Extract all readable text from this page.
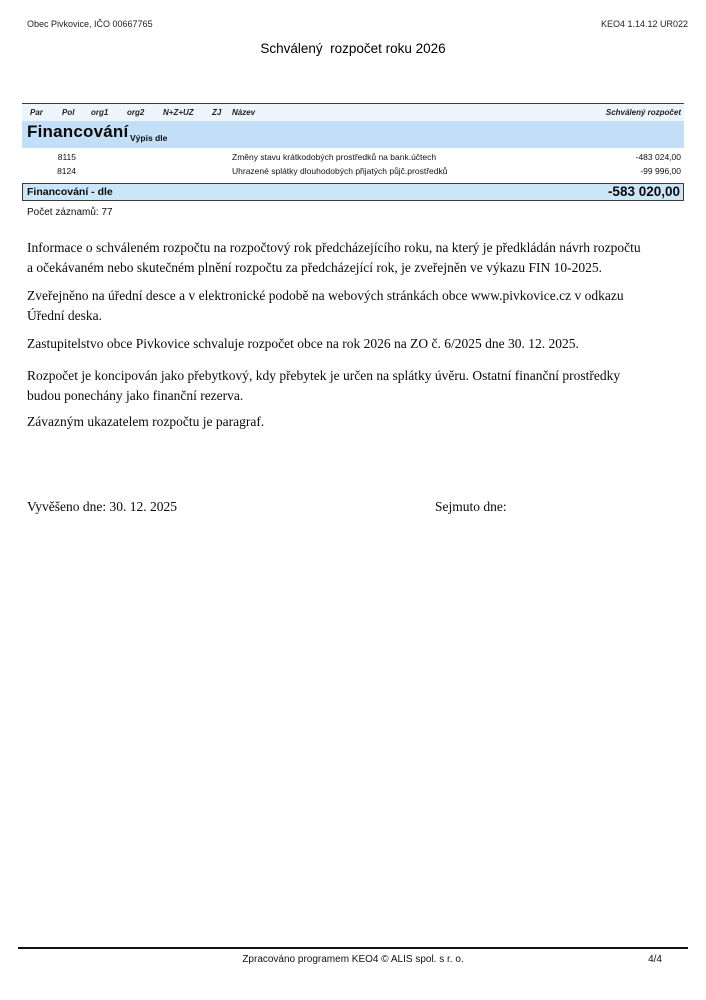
Obec Pivkovice, IČO 00667765	KEO4 1.14.12 UR022
Schválený  rozpočet roku 2026
Par Pol org1 org2 N+Z+UZ ZJ Název	Schválený rozpočet
Financování Výpis dle
8115	Změny stavu krátkodobých prostředků na bank.účtech	-483 024,00
8124	Uhrazené splátky dlouhodobých přijatých půjč.prostředků	-99 996,00
Financování - dle	-583 020,00
Počet záznamů: 77
Informace o schváleném rozpočtu na rozpočtový rok předcházejícího roku, na který je předkládán návrh rozpočtu
a očekávaném nebo skutečném plnění rozpočtu za předcházející rok, je zveřejněn ve výkazu FIN 10-2025.
Zveřejněno na úřední desce a v elektronické podobě na webových stránkách obce www.pivkovice.cz v odkazu
Úřední deska.
Zastupitelstvo obce Pivkovice schvaluje rozpočet obce na rok 2026 na ZO č. 6/2025 dne 30. 12. 2025.
Rozpočet je koncipován jako přebytkový, kdy přebytek je určen na splátky úvěru. Ostatní finanční prostředky
budou ponechány jako finanční rezerva.
Závazným ukazatelem rozpočtu je paragraf.
Vyvěšeno dne: 30. 12. 2025	Sejmuto dne:
Zpracováno programem KEO4 © ALIS spol. s r. o.	4/4
